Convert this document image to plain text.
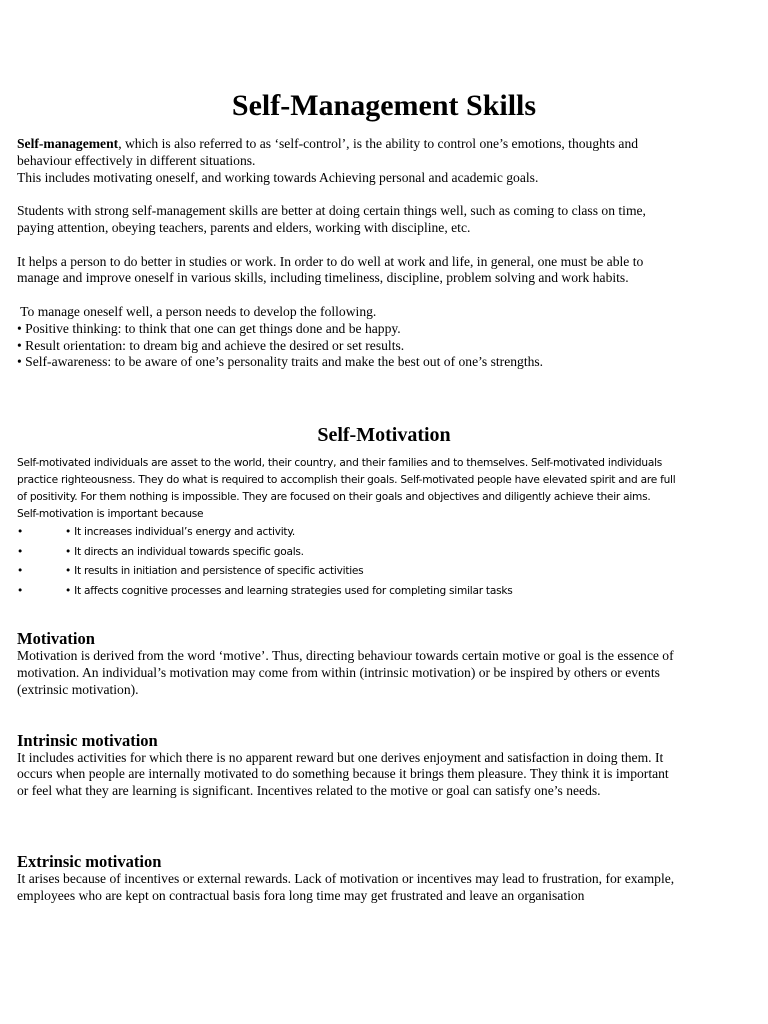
Self-Management Skills

Self-management, which is also referred to as ‘self-control’, is the ability to control one’s emotions, thoughts and

behaviour effectively in different situations.

This includes motivating oneself, and working towards Achieving personal and academic goals.

Students with strong self-management skills are better at doing certain things well, such as coming to class on time,

paying attention, obeying teachers, parents and elders, working with discipline, etc.

It helps a person to do better in studies or work. In order to do well at work and life, in general, one must be able to

manage and improve oneself in various skills, including timeliness, discipline, problem solving and work habits.

To manage oneself well, a person needs to develop the following.

• Positive thinking: to think that one can get things done and be happy.

• Result orientation: to dream big and achieve the desired or set results.

• Self-awareness: to be aware of one’s personality traits and make the best out of one’s strengths.

Self-Motivation

Self-motivated individuals are asset to the world, their country, and their families and to themselves. Self-motivated individuals

practice righteousness. They do what is required to accomplish their goals. Self-motivated people have elevated spirit and are full

of positivity. For them nothing is impossible. They are focused on their goals and objectives and diligently achieve their aims.

Self-motivation is important because

•	• It increases individual’s energy and activity.
•	• It directs an individual towards specific goals.
•	• It results in initiation and persistence of specific activities
•	• It affects cognitive processes and learning strategies used for completing similar tasks
Motivation

Motivation is derived from the word ‘motive’. Thus, directing behaviour towards certain motive or goal is the essence of

motivation. An individual’s motivation may come from within (intrinsic motivation) or be inspired by others or events

(extrinsic motivation).

Intrinsic motivation

It includes activities for which there is no apparent reward but one derives enjoyment and satisfaction in doing them. It

occurs when people are internally motivated to do something because it brings them pleasure. They think it is important

or feel what they are learning is significant. Incentives related to the motive or goal can satisfy one’s needs.

Extrinsic motivation

It arises because of incentives or external rewards. Lack of motivation or incentives may lead to frustration, for example,

employees who are kept on contractual basis fora long time may get frustrated and leave an organisation
